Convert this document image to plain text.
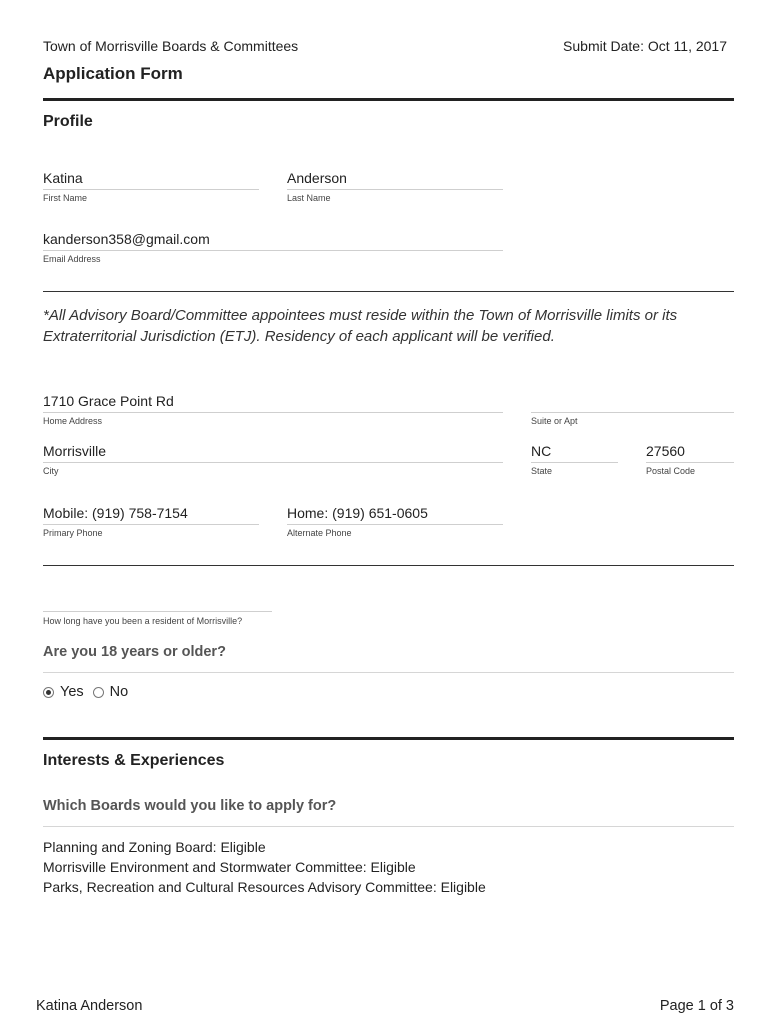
Town of Morrisville Boards & Committees	Submit Date: Oct 11, 2017
Application Form
Profile
Katina
First Name
Anderson
Last Name
kanderson358@gmail.com
Email Address
*All Advisory Board/Committee appointees must reside within the Town of Morrisville limits or its Extraterritorial Jurisdiction (ETJ). Residency of each applicant will be verified.
1710 Grace Point Rd
Home Address	Suite or Apt
Morrisville
City
NC
State
27560
Postal Code
Mobile: (919) 758-7154
Primary Phone
Home: (919) 651-0605
Alternate Phone
How long have you been a resident of Morrisville?
Are you 18 years or older?
Yes No
Interests & Experiences
Which Boards would you like to apply for?
Planning and Zoning Board: Eligible
Morrisville Environment and Stormwater Committee: Eligible
Parks, Recreation and Cultural Resources Advisory Committee: Eligible
Katina Anderson	Page 1 of 3
